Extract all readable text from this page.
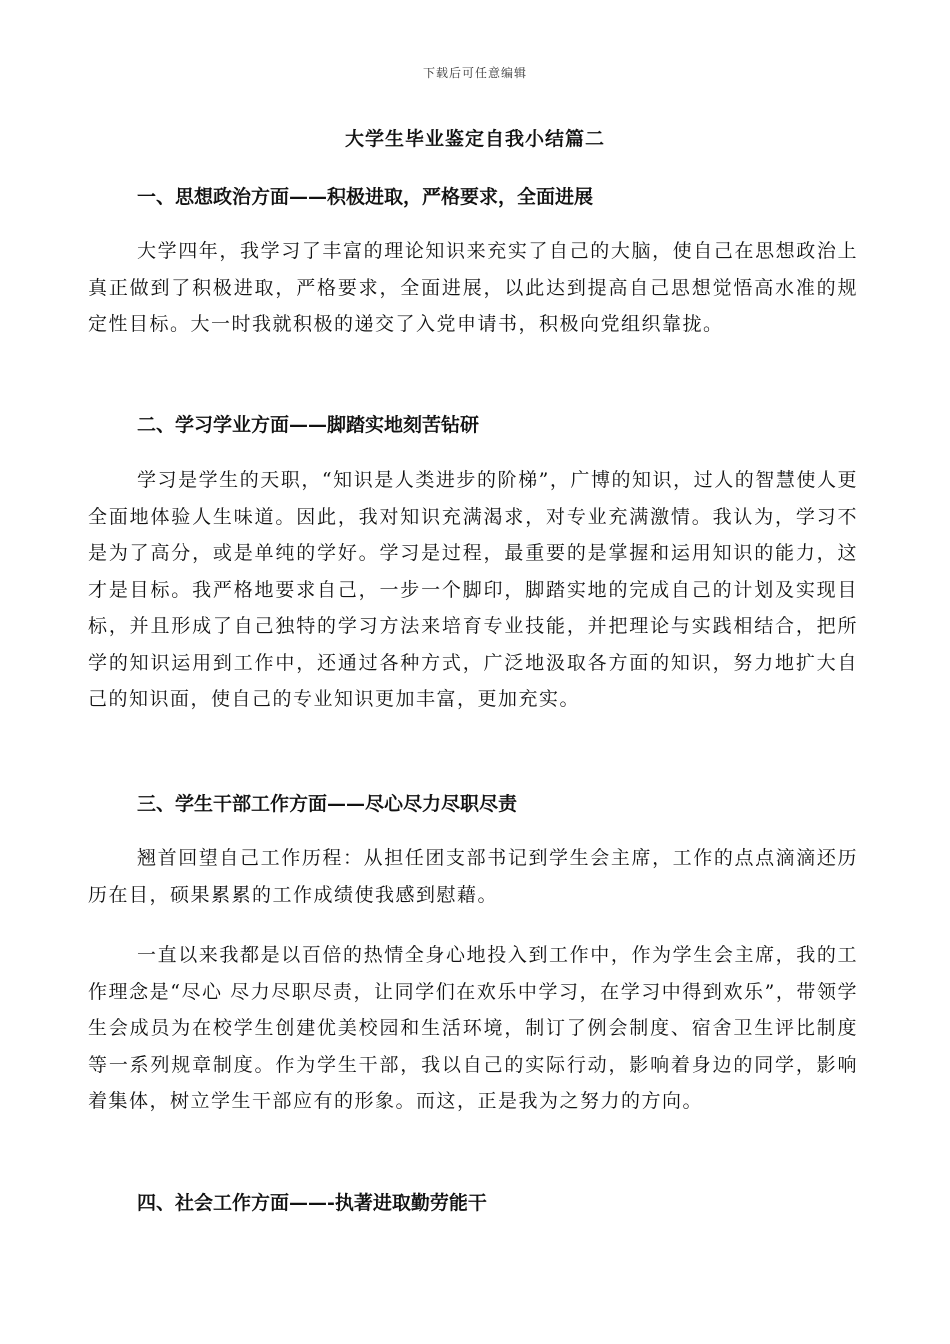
下载后可任意编辑
大学生毕业鉴定自我小结篇二
一、思想政治方面——积极进取，严格要求，全面进展

大学四年，我学习了丰富的理论知识来充实了自己的大脑，使自己在思想政治上真正做到了积极进取，严格要求，全面进展，以此达到提高自己思想觉悟高水准的规定性目标。大一时我就积极的递交了入党申请书，积极向党组织靠拢。

二、学习学业方面——脚踏实地刻苦钻研

学习是学生的天职，“知识是人类进步的阶梯”，广博的知识，过人的智慧使人更全面地体验人生味道。因此，我对知识充满渴求，对专业充满激情。我认为，学习不是为了高分，或是单纯的学好。学习是过程，最重要的是掌握和运用知识的能力，这才是目标。我严格地要求自己，一步一个脚印，脚踏实地的完成自己的计划及实现目标，并且形成了自己独特的学习方法来培育专业技能，并把理论与实践相结合，把所学的知识运用到工作中，还通过各种方式，广泛地汲取各方面的知识，努力地扩大自己的知识面，使自己的专业知识更加丰富，更加充实。

三、学生干部工作方面——尽心尽力尽职尽责

翘首回望自己工作历程：从担任团支部书记到学生会主席，工作的点点滴滴还历历在目，硕果累累的工作成绩使我感到慰藉。

一直以来我都是以百倍的热情全身心地投入到工作中，作为学生会主席，我的工作理念是“尽心 尽力尽职尽责，让同学们在欢乐中学习，在学习中得到欢乐”，带领学生会成员为在校学生创建优美校园和生活环境，制订了例会制度、宿舍卫生评比制度等一系列规章制度。作为学生干部，我以自己的实际行动，影响着身边的同学，影响着集体，树立学生干部应有的形象。而这，正是我为之努力的方向。

四、社会工作方面——-执著进取勤劳能干
